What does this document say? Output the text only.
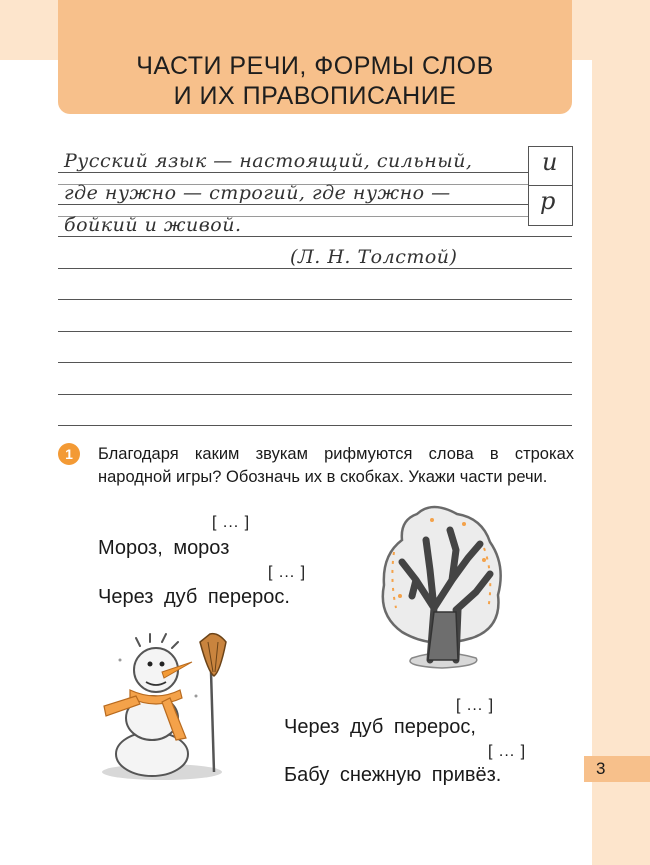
ЧАСТИ РЕЧИ, ФОРМЫ СЛОВ
И ИХ ПРАВОПИСАНИЕ
и
р
Русский язык — настоящий, сильный,
где нужно — строгий, где нужно —
бойкий и живой.
(Л. Н. Толстой)
1	Благодаря каким звукам рифмуются слова в строках народной игры? Обозначь их в скобках. Укажи части речи.
[ ... ]
Мороз, мороз
[ ... ]
Через дуб перерос.
[ ... ]
Через дуб перерос,
[ ... ]
Бабу снежную привёз.	3
